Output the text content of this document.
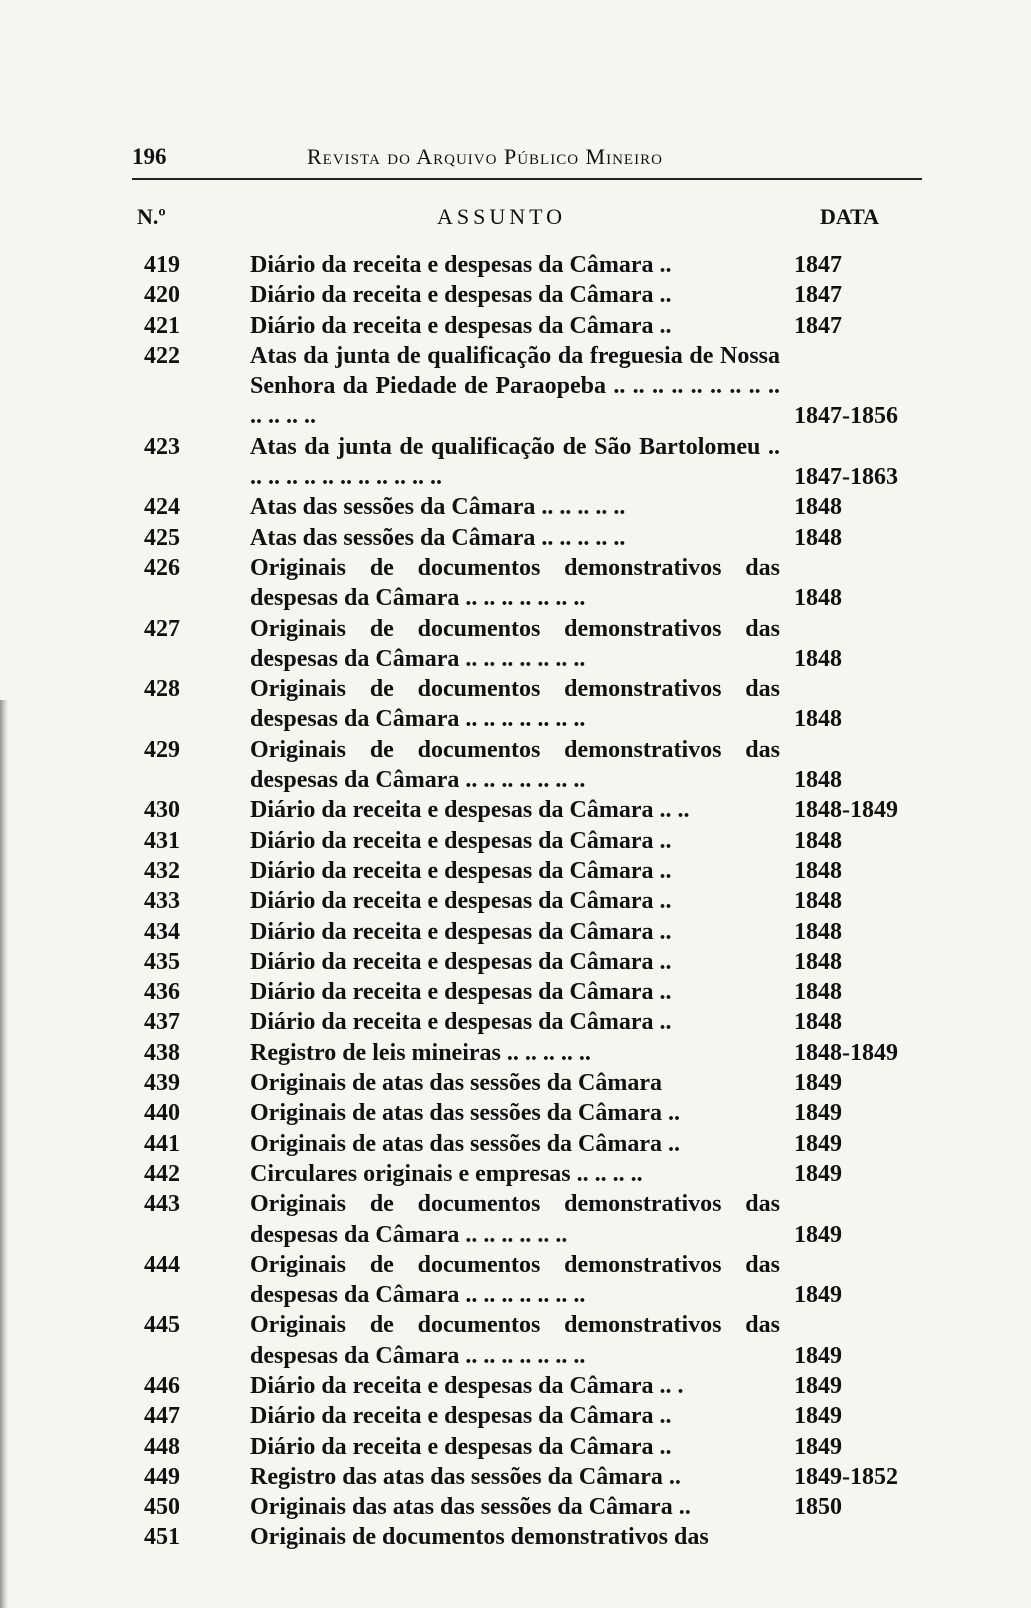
196	Revista do Arquivo Público Mineiro
N.º	ASSUNTO	DATA
419	Diário da receita e despesas da Câmara ..	1847
420	Diário da receita e despesas da Câmara ..	1847
421	Diário da receita e despesas da Câmara ..	1847
422	Atas da junta de qualificação da freguesia de Nossa Senhora da Piedade de Paraopeba .. .. .. .. .. .. .. .. .. .. .. .. ..	1847-1856
423	Atas da junta de qualificação de São Bartolomeu .. .. .. .. .. .. .. .. .. .. .. ..	1847-1863
424	Atas das sessões da Câmara .. .. .. .. ..	1848
425	Atas das sessões da Câmara .. .. .. .. ..	1848
426	Originais de documentos demonstrativos das despesas da Câmara .. .. .. .. .. .. ..	1848
427	Originais de documentos demonstrativos das despesas da Câmara .. .. .. .. .. .. ..	1848
428	Originais de documentos demonstrativos das despesas da Câmara .. .. .. .. .. .. ..	1848
429	Originais de documentos demonstrativos das despesas da Câmara .. .. .. .. .. .. ..	1848
430	Diário da receita e despesas da Câmara .. ..	1848-1849
431	Diário da receita e despesas da Câmara ..	1848
432	Diário da receita e despesas da Câmara ..	1848
433	Diário da receita e despesas da Câmara ..	1848
434	Diário da receita e despesas da Câmara ..	1848
435	Diário da receita e despesas da Câmara ..	1848
436	Diário da receita e despesas da Câmara ..	1848
437	Diário da receita e despesas da Câmara ..	1848
438	Registro de leis mineiras .. .. .. .. ..	1848-1849
439	Originais de atas das sessões da Câmara	1849
440	Originais de atas das sessões da Câmara ..	1849
441	Originais de atas das sessões da Câmara ..	1849
442	Circulares originais e empresas .. .. .. ..	1849
443	Originais de documentos demonstrativos das despesas da Câmara .. .. .. .. .. ..	1849
444	Originais de documentos demonstrativos das despesas da Câmara .. .. .. .. .. .. ..	1849
445	Originais de documentos demonstrativos das despesas da Câmara .. .. .. .. .. .. ..	1849
446	Diário da receita e despesas da Câmara .. .	1849
447	Diário da receita e despesas da Câmara ..	1849
448	Diário da receita e despesas da Câmara ..	1849
449	Registro das atas das sessões da Câmara ..	1849-1852
450	Originais das atas das sessões da Câmara ..	1850
451	Originais de documentos demonstrativos das
